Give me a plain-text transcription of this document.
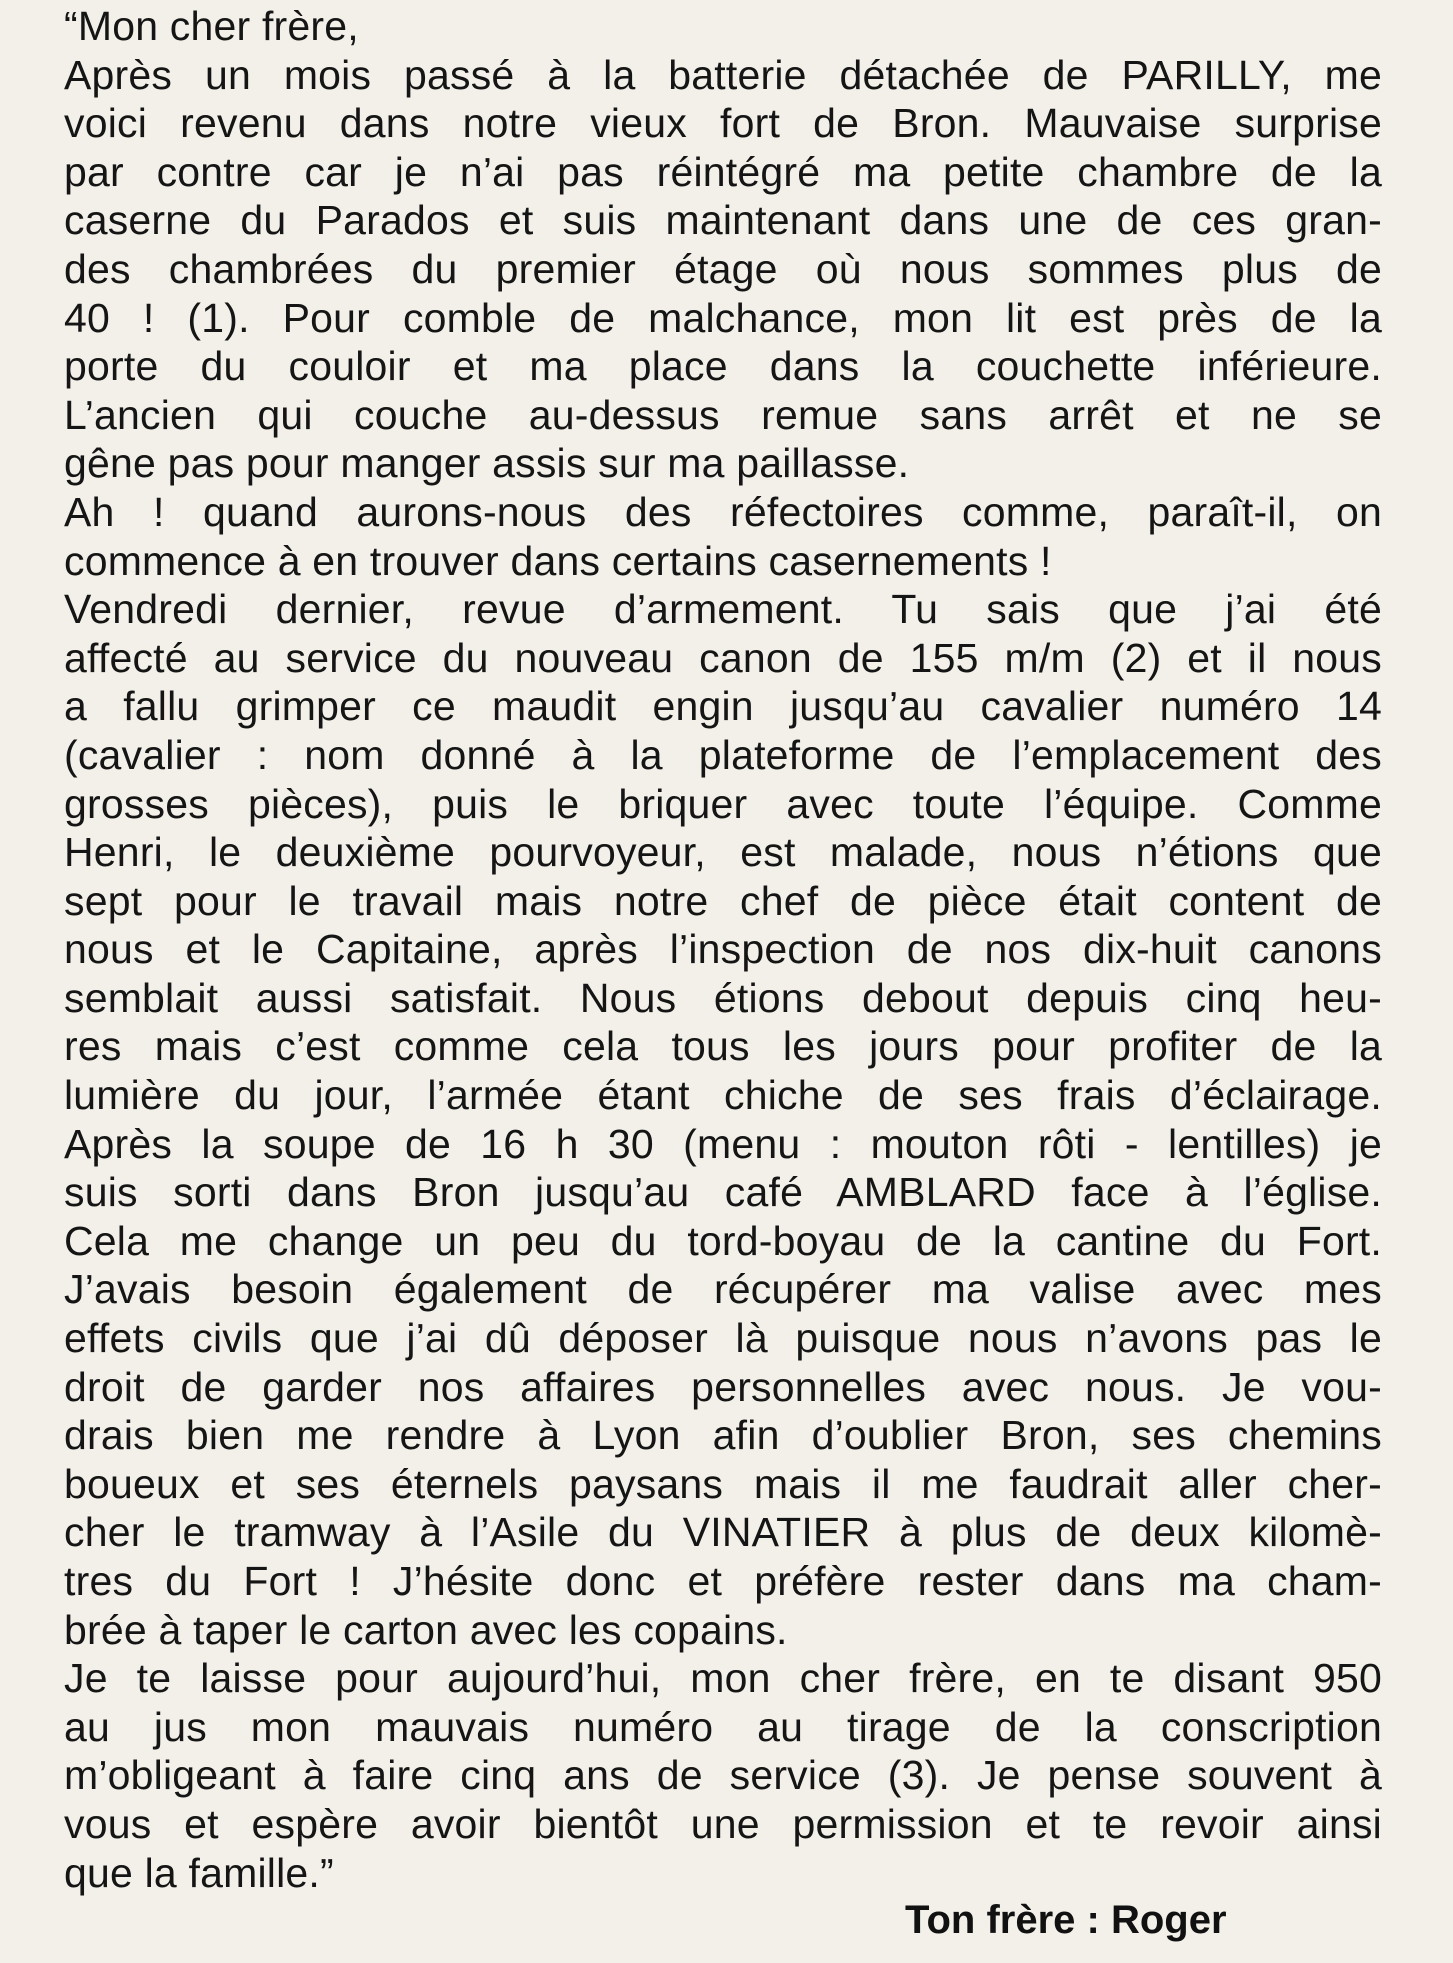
“Mon cher frère,
Après un mois passé à la batterie détachée de PARILLY, me
voici revenu dans notre vieux fort de Bron. Mauvaise surprise
par contre car je n’ai pas réintégré ma petite chambre de la
caserne du Parados et suis maintenant dans une de ces gran-
des chambrées du premier étage où nous sommes plus de
40 ! (1). Pour comble de malchance, mon lit est près de la
porte du couloir et ma place dans la couchette inférieure.
L’ancien qui couche au-dessus remue sans arrêt et ne se
gêne pas pour manger assis sur ma paillasse.
Ah ! quand aurons-nous des réfectoires comme, paraît-il, on
commence à en trouver dans certains casernements !
Vendredi dernier, revue d’armement. Tu sais que j’ai été
affecté au service du nouveau canon de 155 m/m (2) et il nous
a fallu grimper ce maudit engin jusqu’au cavalier numéro 14
(cavalier : nom donné à la plateforme de l’emplacement des
grosses pièces), puis le briquer avec toute l’équipe. Comme
Henri, le deuxième pourvoyeur, est malade, nous n’étions que
sept pour le travail mais notre chef de pièce était content de
nous et le Capitaine, après l’inspection de nos dix-huit canons
semblait aussi satisfait. Nous étions debout depuis cinq heu-
res mais c’est comme cela tous les jours pour profiter de la
lumière du jour, l’armée étant chiche de ses frais d’éclairage.
Après la soupe de 16 h 30 (menu : mouton rôti - lentilles) je
suis sorti dans Bron jusqu’au café AMBLARD face à l’église.
Cela me change un peu du tord-boyau de la cantine du Fort.
J’avais besoin également de récupérer ma valise avec mes
effets civils que j’ai dû déposer là puisque nous n’avons pas le
droit de garder nos affaires personnelles avec nous. Je vou-
drais bien me rendre à Lyon afin d’oublier Bron, ses chemins
boueux et ses éternels paysans mais il me faudrait aller cher-
cher le tramway à l’Asile du VINATIER à plus de deux kilomè-
tres du Fort ! J’hésite donc et préfère rester dans ma cham-
brée à taper le carton avec les copains.
Je te laisse pour aujourd’hui, mon cher frère, en te disant 950
au jus mon mauvais numéro au tirage de la conscription
m’obligeant à faire cinq ans de service (3). Je pense souvent à
vous et espère avoir bientôt une permission et te revoir ainsi
que la famille.”
Ton frère : Roger
